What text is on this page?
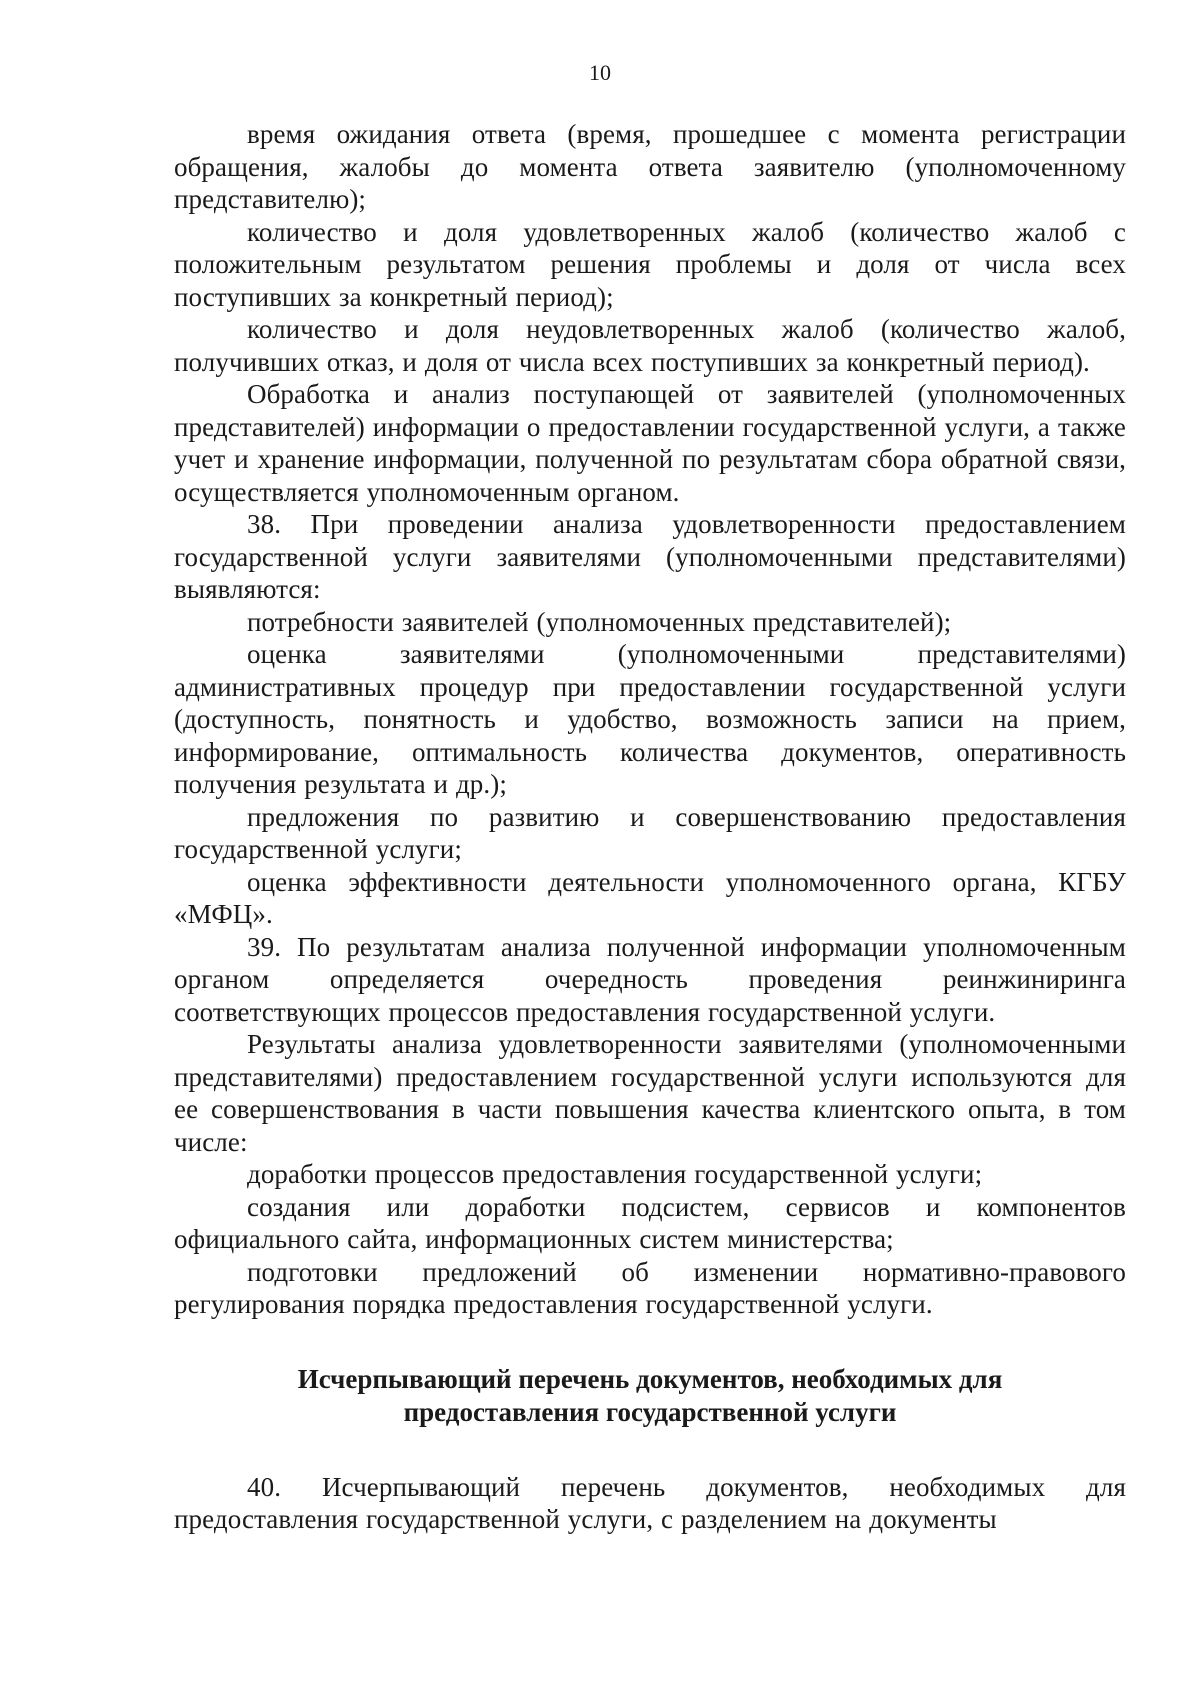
10

время ожидания ответа (время, прошедшее с момента регистрации обращения, жалобы до момента ответа заявителю (уполномоченному представителю);

количество и доля удовлетворенных жалоб (количество жалоб с положительным результатом решения проблемы и доля от числа всех поступивших за конкретный период);

количество и доля неудовлетворенных жалоб (количество жалоб, получивших отказ, и доля от числа всех поступивших за конкретный период).

Обработка и анализ поступающей от заявителей (уполномоченных представителей) информации о предоставлении государственной услуги, а также учет и хранение информации, полученной по результатам сбора обратной связи, осуществляется уполномоченным органом.

38. При проведении анализа удовлетворенности предоставлением государственной услуги заявителями (уполномоченными представителями) выявляются:

потребности заявителей (уполномоченных представителей);

оценка заявителями (уполномоченными представителями) административных процедур при предоставлении государственной услуги (доступность, понятность и удобство, возможность записи на прием, информирование, оптимальность количества документов, оперативность получения результата и др.);

предложения по развитию и совершенствованию предоставления государственной услуги;

оценка эффективности деятельности уполномоченного органа, КГБУ «МФЦ».

39. По результатам анализа полученной информации уполномоченным органом определяется очередность проведения реинжиниринга соответствующих процессов предоставления государственной услуги.

Результаты анализа удовлетворенности заявителями (уполномоченными представителями) предоставлением государственной услуги используются для ее совершенствования в части повышения качества клиентского опыта, в том числе:

доработки процессов предоставления государственной услуги;

создания или доработки подсистем, сервисов и компонентов официального сайта, информационных систем министерства;

подготовки предложений об изменении нормативно-правового регулирования порядка предоставления государственной услуги.

Исчерпывающий перечень документов, необходимых для предоставления государственной услуги

40. Исчерпывающий перечень документов, необходимых для предоставления государственной услуги, с разделением на документы
